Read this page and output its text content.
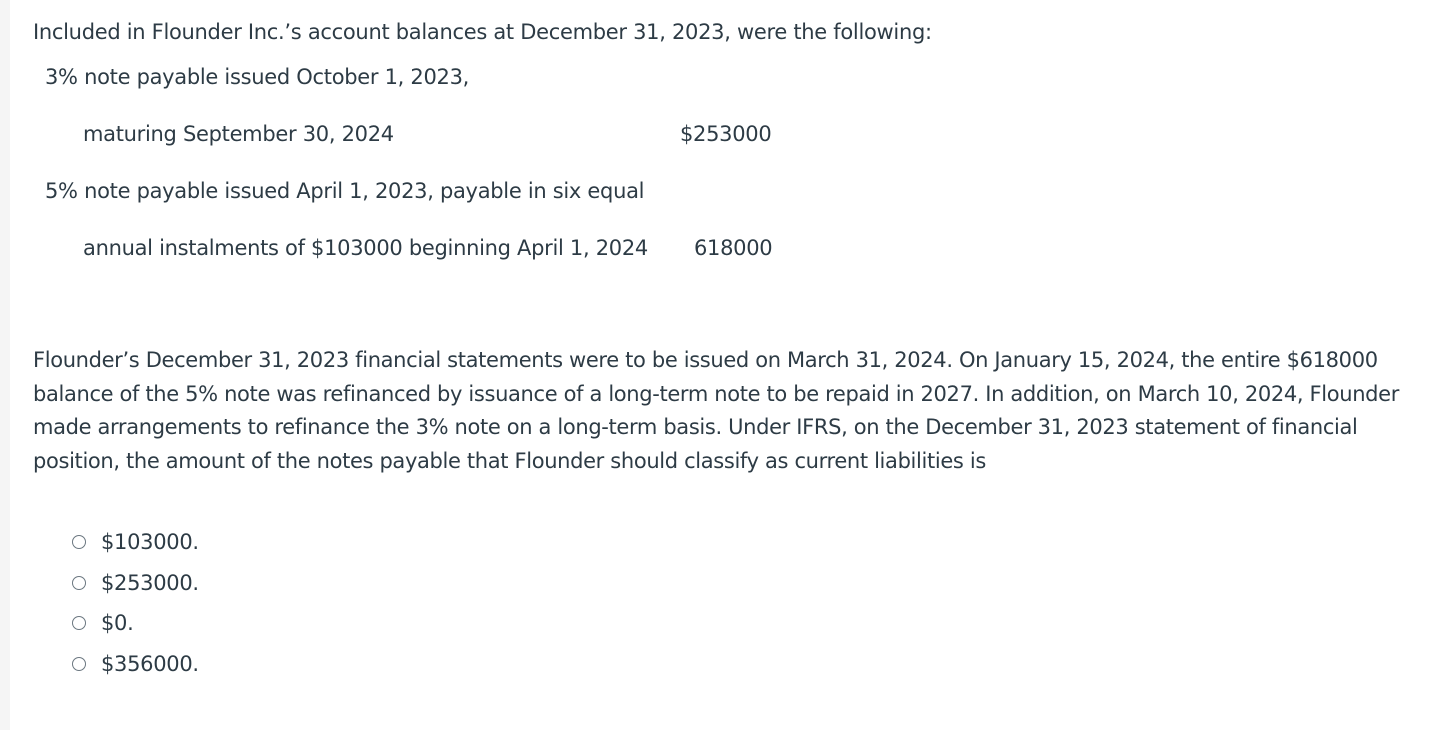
Included in Flounder Inc.’s account balances at December 31, 2023, were the following:
3% note payable issued October 1, 2023,
maturing September 30, 2024	$253000
5% note payable issued April 1, 2023, payable in six equal
annual instalments of $103000 beginning April 1, 2024 618000
Flounder’s December 31, 2023 financial statements were to be issued on March 31, 2024. On January 15, 2024, the entire $618000
balance of the 5% note was refinanced by issuance of a long-term note to be repaid in 2027. In addition, on March 10, 2024, Flounder
made arrangements to refinance the 3% note on a long-term basis. Under IFRS, on the December 31, 2023 statement of financial
position, the amount of the notes payable that Flounder should classify as current liabilities is
$103000.
$253000.
$0.
$356000.
